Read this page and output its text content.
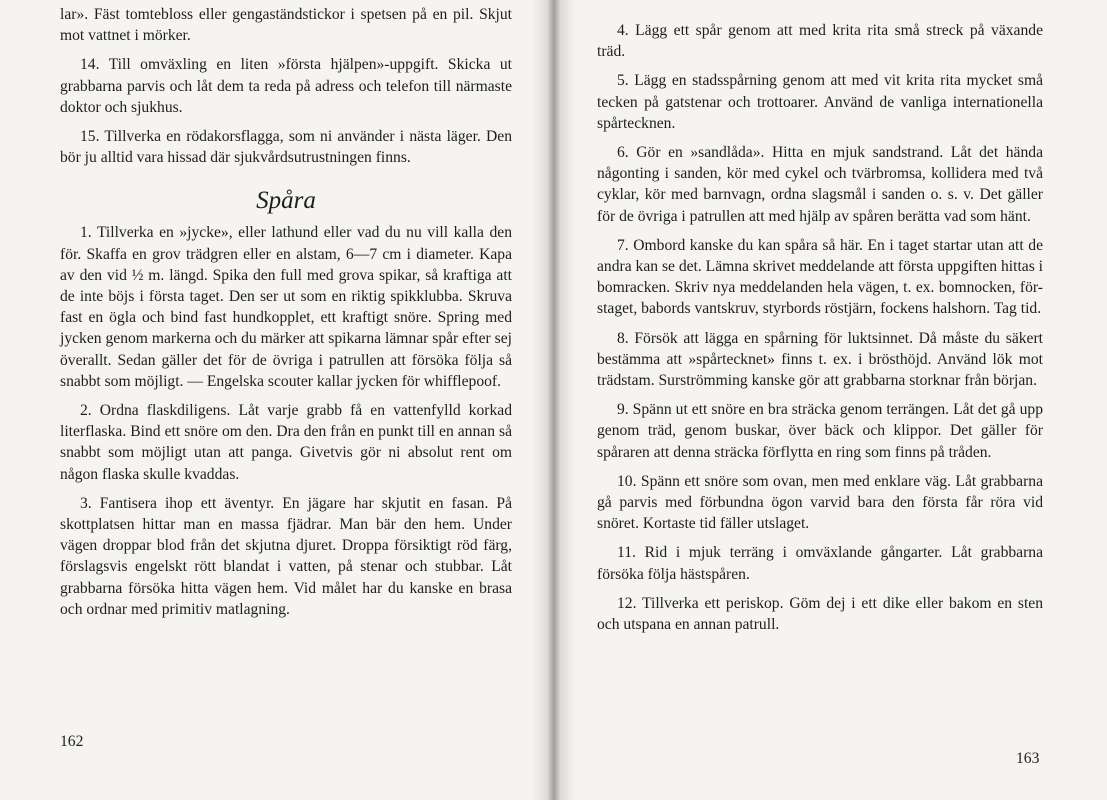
lar». Fäst tomtebloss eller gengaständstickor i spetsen på en pil. Skjut mot vattnet i mörker.

14. Till omväxling en liten »första hjälpen»-uppgift. Skicka ut grabbarna parvis och låt dem ta reda på adress och telefon till närmaste doktor och sjukhus.

15. Tillverka en rödakorsflagga, som ni använder i nästa läger. Den bör ju alltid vara hissad där sjukvårdsutrustningen finns.

Spåra

1. Tillverka en »jycke», eller lathund eller vad du nu vill kalla den för. Skaffa en grov trädgren eller en alstam, 6—7 cm i diameter. Kapa av den vid ½ m. längd. Spika den full med grova spikar, så kraftiga att de inte böjs i första taget. Den ser ut som en riktig spikklubba. Skruva fast en ögla och bind fast hundkopplet, ett kraftigt snöre. Spring med jycken genom markerna och du märker att spikarna lämnar spår efter sej överallt. Sedan gäller det för de övriga i patrullen att försöka följa så snabbt som möjligt. — Engelska scouter kallar jycken för whifflepoof.

2. Ordna flaskdiligens. Låt varje grabb få en vattenfylld korkad literflaska. Bind ett snöre om den. Dra den från en punkt till en annan så snabbt som möjligt utan att panga. Givetvis gör ni absolut rent om någon flaska skulle kvaddas.

3. Fantisera ihop ett äventyr. En jägare har skjutit en fasan. På skottplatsen hittar man en massa fjädrar. Man bär den hem. Under vägen droppar blod från det skjutna djuret. Droppa försiktigt röd färg, förslagsvis engelskt rött blandat i vatten, på stenar och stubbar. Låt grabbarna försöka hitta vägen hem. Vid målet har du kanske en brasa och ordnar med primitiv matlagning.

162

4. Lägg ett spår genom att med krita rita små streck på växande träd.

5. Lägg en stadsspårning genom att med vit krita rita mycket små tecken på gatstenar och trottoarer. Använd de vanliga internationella spårtecknen.

6. Gör en »sandlåda». Hitta en mjuk sandstrand. Låt det hända någonting i sanden, kör med cykel och tvärbromsa, kollidera med två cyklar, kör med barnvagn, ordna slagsmål i sanden o. s. v. Det gäller för de övriga i patrullen att med hjälp av spåren berätta vad som hänt.

7. Ombord kanske du kan spåra så här. En i taget startar utan att de andra kan se det. Lämna skrivet meddelande att första uppgiften hittas i bomracken. Skriv nya meddelanden hela vägen, t. ex. bomnocken, för-staget, babords vantskruv, styrbords röstjärn, fockens halshorn. Tag tid.

8. Försök att lägga en spårning för luktsinnet. Då måste du säkert bestämma att »spårtecknet» finns t. ex. i brösthöjd. Använd lök mot trädstam. Surströmming kanske gör att grabbarna storknar från början.

9. Spänn ut ett snöre en bra sträcka genom terrängen. Låt det gå upp genom träd, genom buskar, över bäck och klippor. Det gäller för spåraren att denna sträcka förflytta en ring som finns på tråden.

10. Spänn ett snöre som ovan, men med enklare väg. Låt grabbarna gå parvis med förbundna ögon varvid bara den första får röra vid snöret. Kortaste tid fäller utslaget.

11. Rid i mjuk terräng i omväxlande gångarter. Låt grabbarna försöka följa hästspåren.

12. Tillverka ett periskop. Göm dej i ett dike eller bakom en sten och utspana en annan patrull.

163
